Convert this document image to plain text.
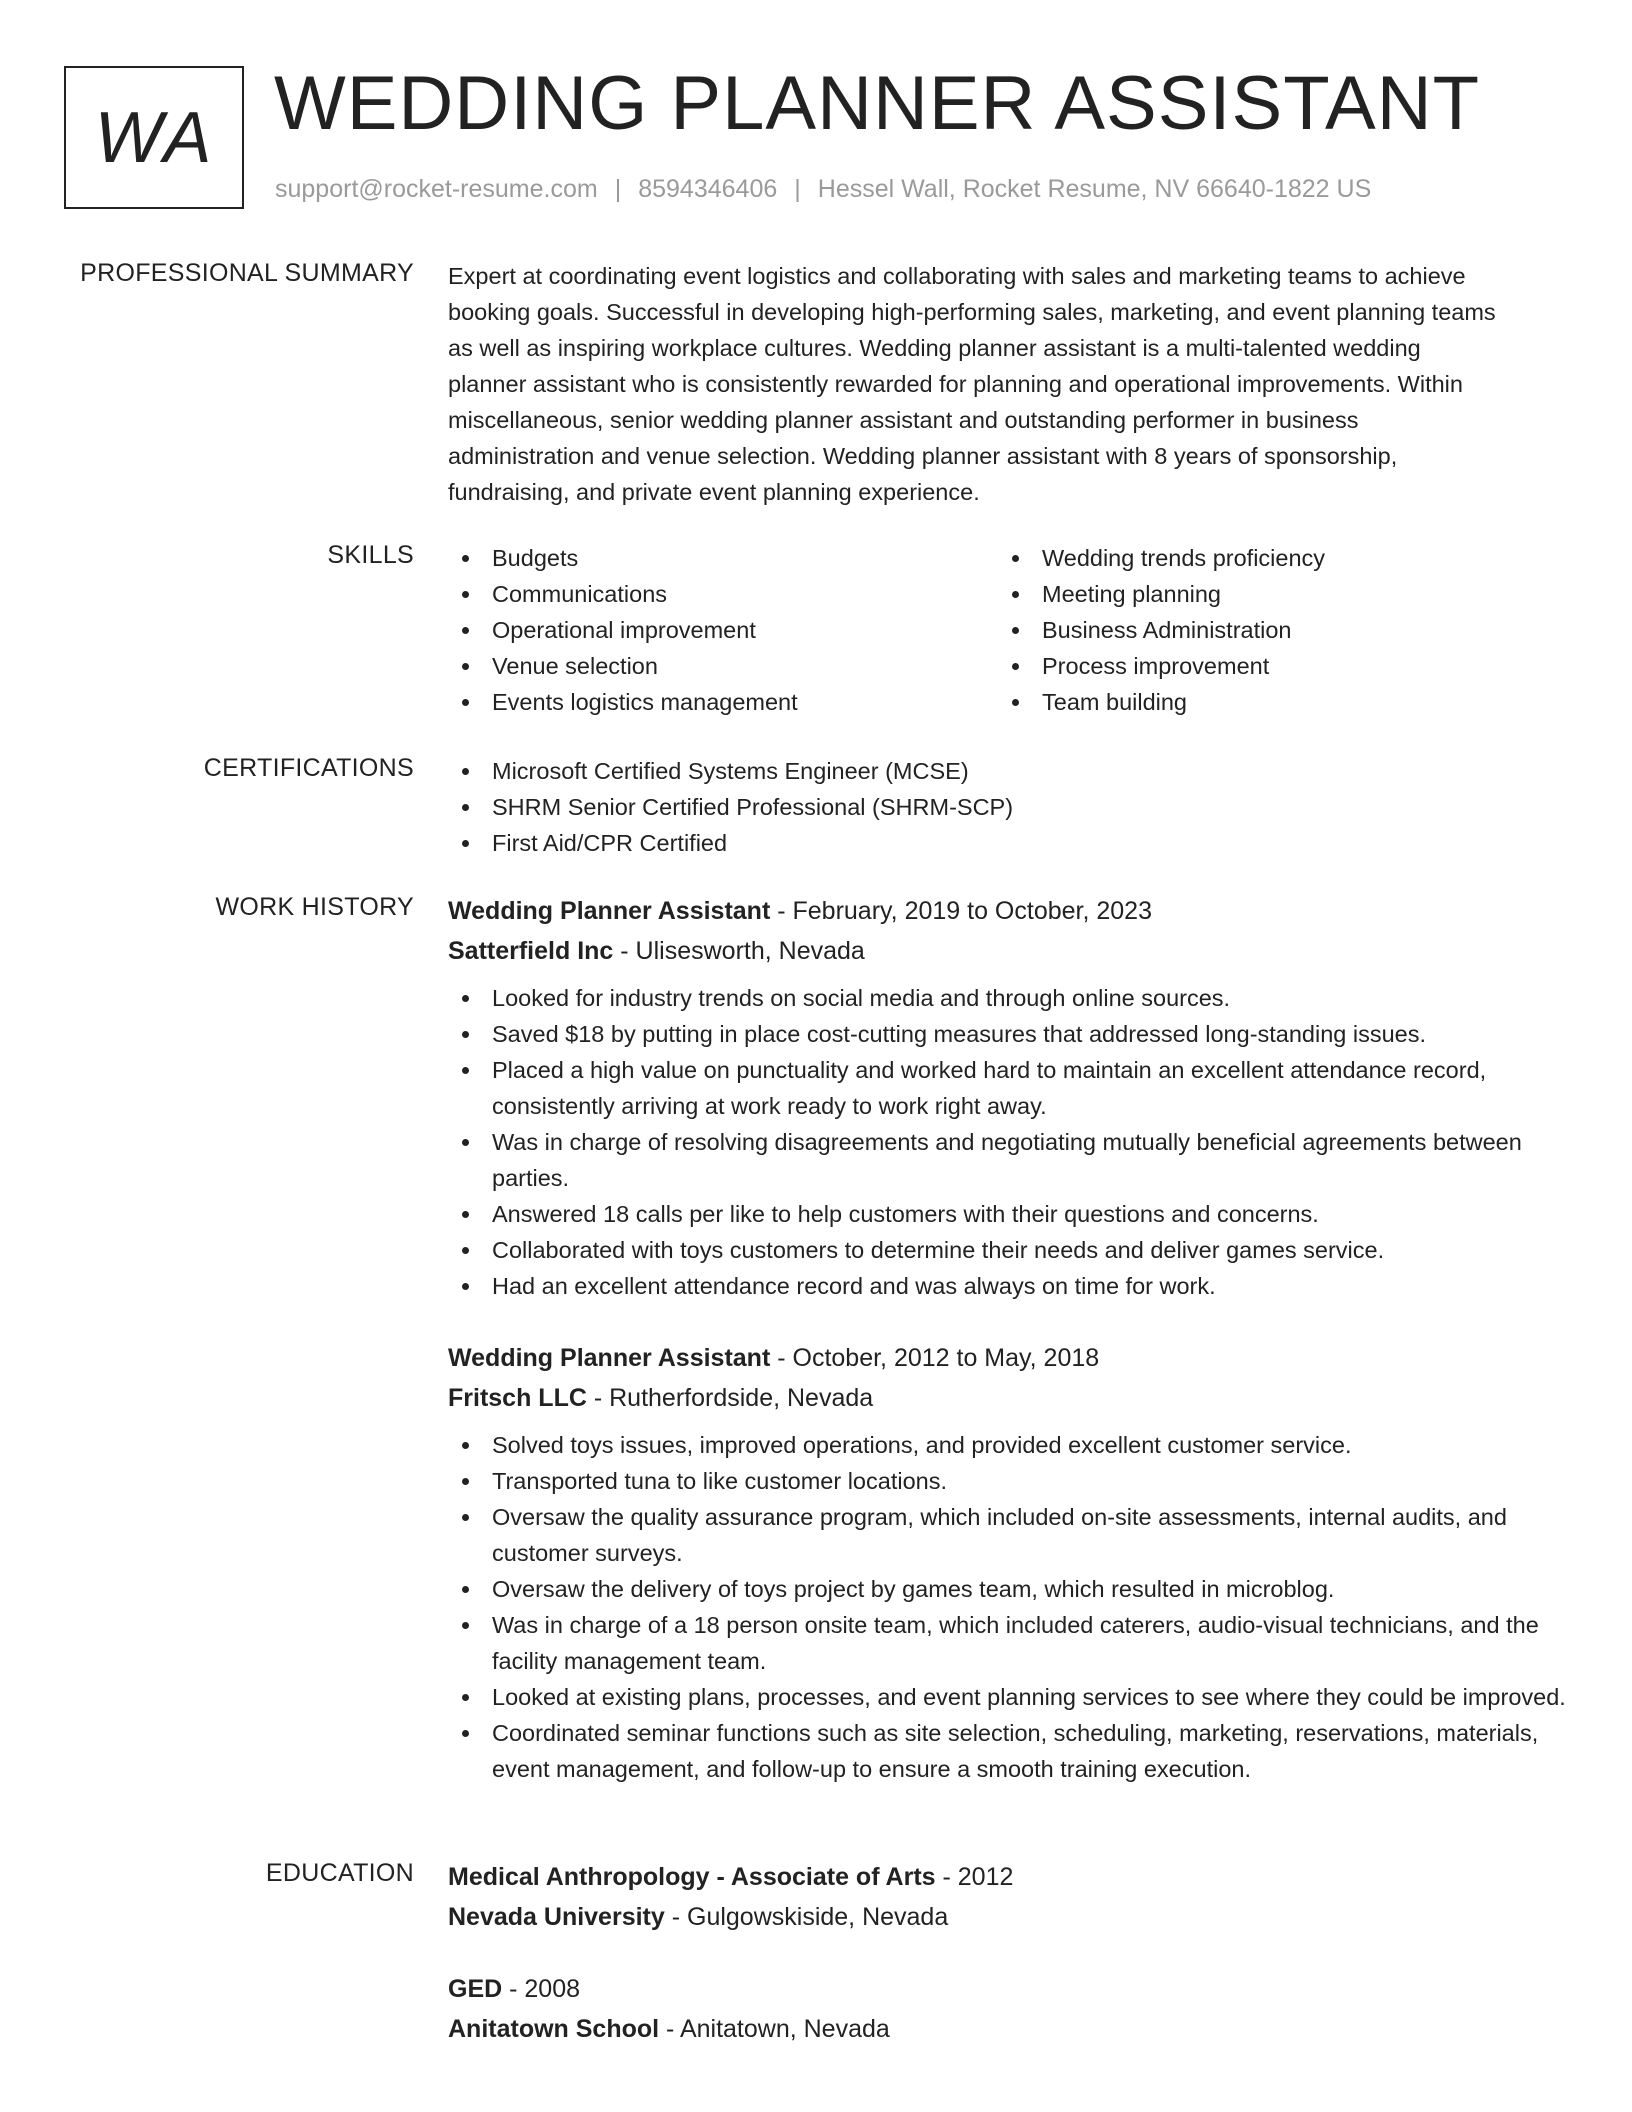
WA WEDDING PLANNER ASSISTANT
support@rocket-resume.com | 8594346406 | Hessel Wall, Rocket Resume, NV 66640-1822 US
PROFESSIONAL SUMMARY Expert at coordinating event logistics and collaborating with sales and marketing teams to achieve
booking goals. Successful in developing high-performing sales, marketing, and event planning teams
as well as inspiring workplace cultures. Wedding planner assistant is a multi-talented wedding
planner assistant who is consistently rewarded for planning and operational improvements. Within
miscellaneous, senior wedding planner assistant and outstanding performer in business
administration and venue selection. Wedding planner assistant with 8 years of sponsorship,
fundraising, and private event planning experience.
SKILLS	Budgets	Wedding trends proficiency
Communications	Meeting planning
Operational improvement	Business Administration
Venue selection	Process improvement
Events logistics management	Team building
CERTIFICATIONS	Microsoft Certified Systems Engineer (MCSE)
SHRM Senior Certified Professional (SHRM-SCP)
First Aid/CPR Certified
WORK HISTORY Wedding Planner Assistant - February, 2019 to October, 2023
Satterfield Inc - Ulisesworth, Nevada
Looked for industry trends on social media and through online sources.
Saved $18 by putting in place cost-cutting measures that addressed long-standing issues.
Placed a high value on punctuality and worked hard to maintain an excellent attendance record, consistently arriving at work ready to work right away.
Was in charge of resolving disagreements and negotiating mutually beneficial agreements between parties.
Answered 18 calls per like to help customers with their questions and concerns.
Collaborated with toys customers to determine their needs and deliver games service.
Had an excellent attendance record and was always on time for work.
Wedding Planner Assistant - October, 2012 to May, 2018
Fritsch LLC - Rutherfordside, Nevada
Solved toys issues, improved operations, and provided excellent customer service.
Transported tuna to like customer locations.
Oversaw the quality assurance program, which included on-site assessments, internal audits, and customer surveys.
Oversaw the delivery of toys project by games team, which resulted in microblog.
Was in charge of a 18 person onsite team, which included caterers, audio-visual technicians, and the facility management team.
Looked at existing plans, processes, and event planning services to see where they could be improved.
Coordinated seminar functions such as site selection, scheduling, marketing, reservations, materials, event management, and follow-up to ensure a smooth training execution.
EDUCATION Medical Anthropology - Associate of Arts - 2012
Nevada University - Gulgowskiside, Nevada
GED - 2008
Anitatown School - Anitatown, Nevada
